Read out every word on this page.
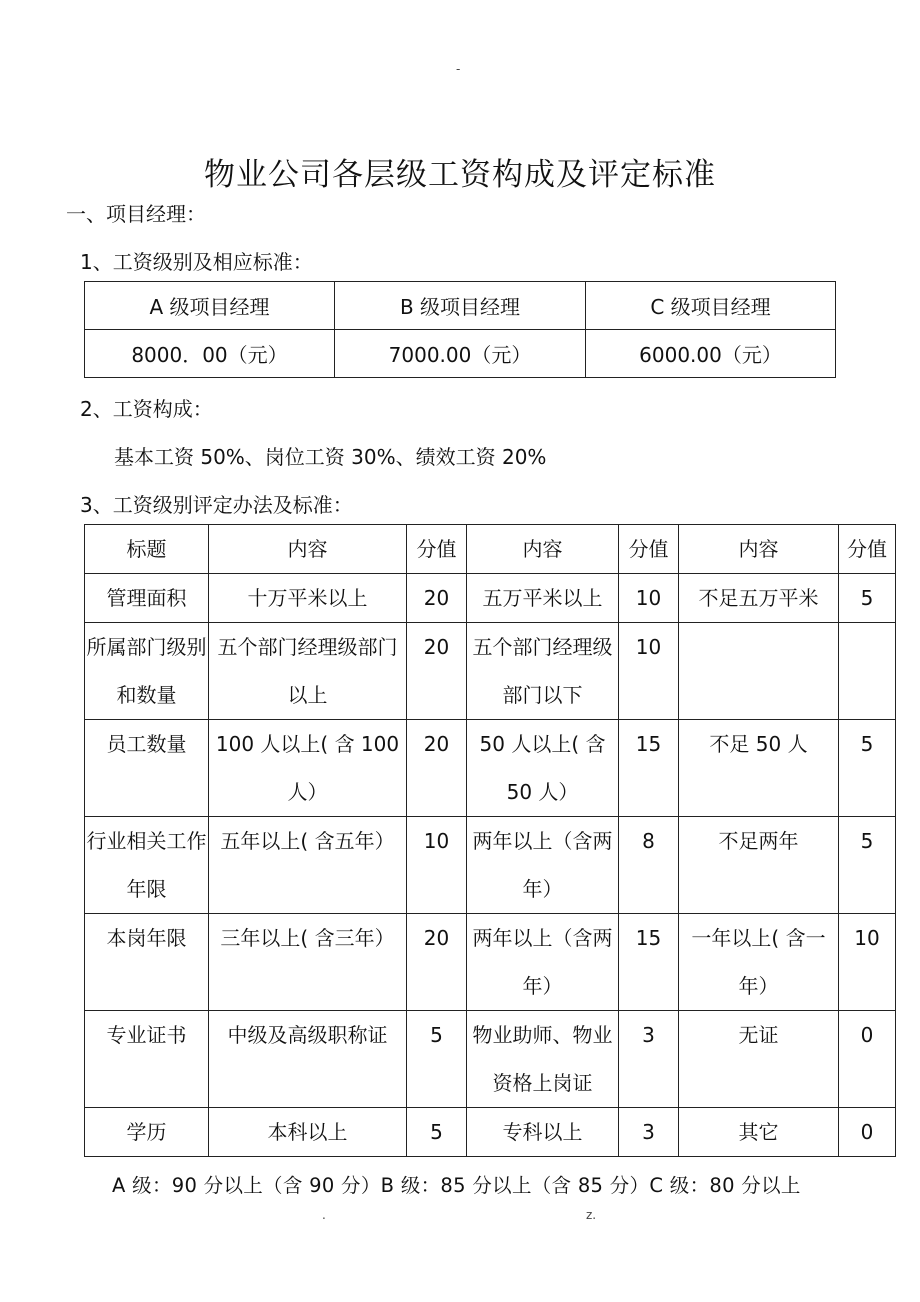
-
物业公司各层级工资构成及评定标准
一、项目经理：
1、工资级别及相应标准：
A 级项目经理	B 级项目经理	C 级项目经理
8000．00（元）	7000.00（元）	6000.00（元）
2、工资构成：
基本工资 50%、岗位工资 30%、绩效工资 20%
3、工资级别评定办法及标准：
标题	内容	分值	内容	分值	内容	分值
管理面积	十万平米以上	20	五万平米以上	10	不足五万平米	5
所属部门级别和数量	五个部门经理级部门以上	20	五个部门经理级部门以下	10		
员工数量	100 人以上( 含 100 人）	20	50 人以上( 含 50 人）	15	不足 50 人	5
行业相关工作年限	五年以上( 含五年）	10	两年以上（含两年）	8	不足两年	5
本岗年限	三年以上( 含三年）	20	两年以上（含两年）	15	一年以上( 含一年）	10
专业证书	中级及高级职称证	5	物业助师、物业资格上岗证	3	无证	0
学历	本科以上	5	专科以上	3	其它	0
A 级：90 分以上（含 90 分）B 级：85 分以上（含 85 分）C 级：80 分以上
.	z.
